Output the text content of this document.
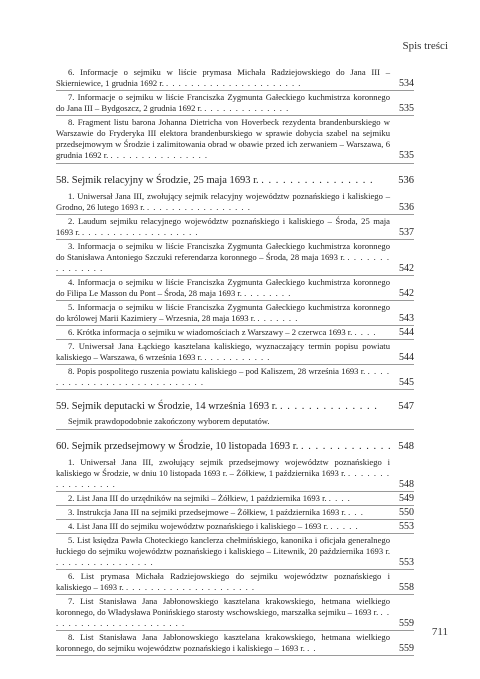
Spis treści
6. Informacje o sejmiku w liście prymasa Michała Radziejowskiego do Jana III – Skierniewice, 1 grudnia 1692 r. . . . . . . . . . . . . . . . . . . . . . .	534
7. Informacje o sejmiku w liście Franciszka Zygmunta Gałeckiego kuchmistrza koronnego do Jana III – Bydgoszcz, 2 grudnia 1692 r. . . . . . . . . . . . . . .	535
8. Fragment listu barona Johanna Dietricha von Hoverbeck rezydenta brandenburskiego w Warszawie do Fryderyka III elektora brandenburskiego w sprawie dobycia szabel na sejmiku przedsejmowym w Środzie i zalimitowania obrad w obawie przed ich zerwaniem – Warszawa, 6 grudnia 1692 r. . . . . . . . . . . . . . . . .	535
58. Sejmik relacyjny w Środzie, 25 maja 1693 r. . . . . . . . . . . . . . . . .	536
1. Uniwersał Jana III, zwołujący sejmik relacyjny województw poznańskiego i kaliskiego – Grodno, 26 lutego 1693 r. . . . . . . . . . . . . . . . . .	536
2. Laudum sejmiku relacyjnego województw poznańskiego i kaliskiego – Środa, 25 maja 1693 r. . . . . . . . . . . . . . . . . . . .	537
3. Informacja o sejmiku w liście Franciszka Zygmunta Gałeckiego kuchmistrza koronnego do Stanisława Antoniego Szczuki referendarza koronnego – Środa, 28 maja 1693 r. . . . . . . . . . . . . . . .	542
4. Informacja o sejmiku w liście Franciszka Zygmunta Gałeckiego kuchmistrza koronnego do Filipa Le Masson du Pont – Środa, 28 maja 1693 r. . . . . . . . .	542
5. Informacja o sejmiku w liście Franciszka Zygmunta Gałeckiego kuchmistrza koronnego do królowej Marii Kazimiery – Wrzesnia, 28 maja 1693 r. . . . . . . .	543
6. Krótka informacja o sejmiku w wiadomościach z Warszawy – 2 czerwca 1693 r. . . . .	544
7. Uniwersał Jana Łąckiego kasztelana kaliskiego, wyznaczający termin popisu powiatu kaliskiego – Warszawa, 6 września 1693 r. . . . . . . . . . . .	544
8. Popis pospolitego ruszenia powiatu kaliskiego – pod Kaliszem, 28 września 1693 r. . . . . . . . . . . . . . . . . . . . . . . . . . . . .	545
59. Sejmik deputacki w Środzie, 14 września 1693 r. . . . . . . . . . . . . . .	547
Sejmik prawdopodobnie zakończony wyborem deputatów.
60. Sejmik przedsejmowy w Środzie, 10 listopada 1693 r. . . . . . . . . . . . . . 548
1. Uniwersał Jana III, zwołujący sejmik przedsejmowy województw poznańskiego i kaliskiego w Środzie, w dniu 10 listopada 1693 r. – Żółkiew, 1 października 1693 r. . . . . . . . . . . . . . . . . .	548
2. List Jana III do urzędników na sejmiki – Żółkiew, 1 października 1693 r. . . . .	549
3. Instrukcja Jana III na sejmiki przedsejmowe – Żółkiew, 1 października 1693 r. . . .	550
4. List Jana III do sejmiku województw poznańskiego i kaliskiego – 1693 r. . . . . .	553
5. List księdza Pawła Choteckiego kanclerza chełmińskiego, kanonika i oficjała generalnego łuckiego do sejmiku województw poznańskiego i kaliskiego – Litewnik, 20 października 1693 r. . . . . . . . . . . . . . . . .	553
6. List prymasa Michała Radziejowskiego do sejmiku województw poznańskiego i kaliskiego – 1693 r. . . . . . . . . . . . . . . . . . . . . .	558
7. List Stanisława Jana Jabłonowskiego kasztelana krakowskiego, hetmana wielkiego koronnego, do Władysława Ponińskiego starosty wschowskiego, marszałka sejmiku – 1693 r. . . . . . . . . . . . . . . . . . . . . . . .	559
8. List Stanisława Jana Jabłonowskiego kasztelana krakowskiego, hetmana wielkiego koronnego, do sejmiku województw poznańskiego i kaliskiego – 1693 r. . .	559
711
